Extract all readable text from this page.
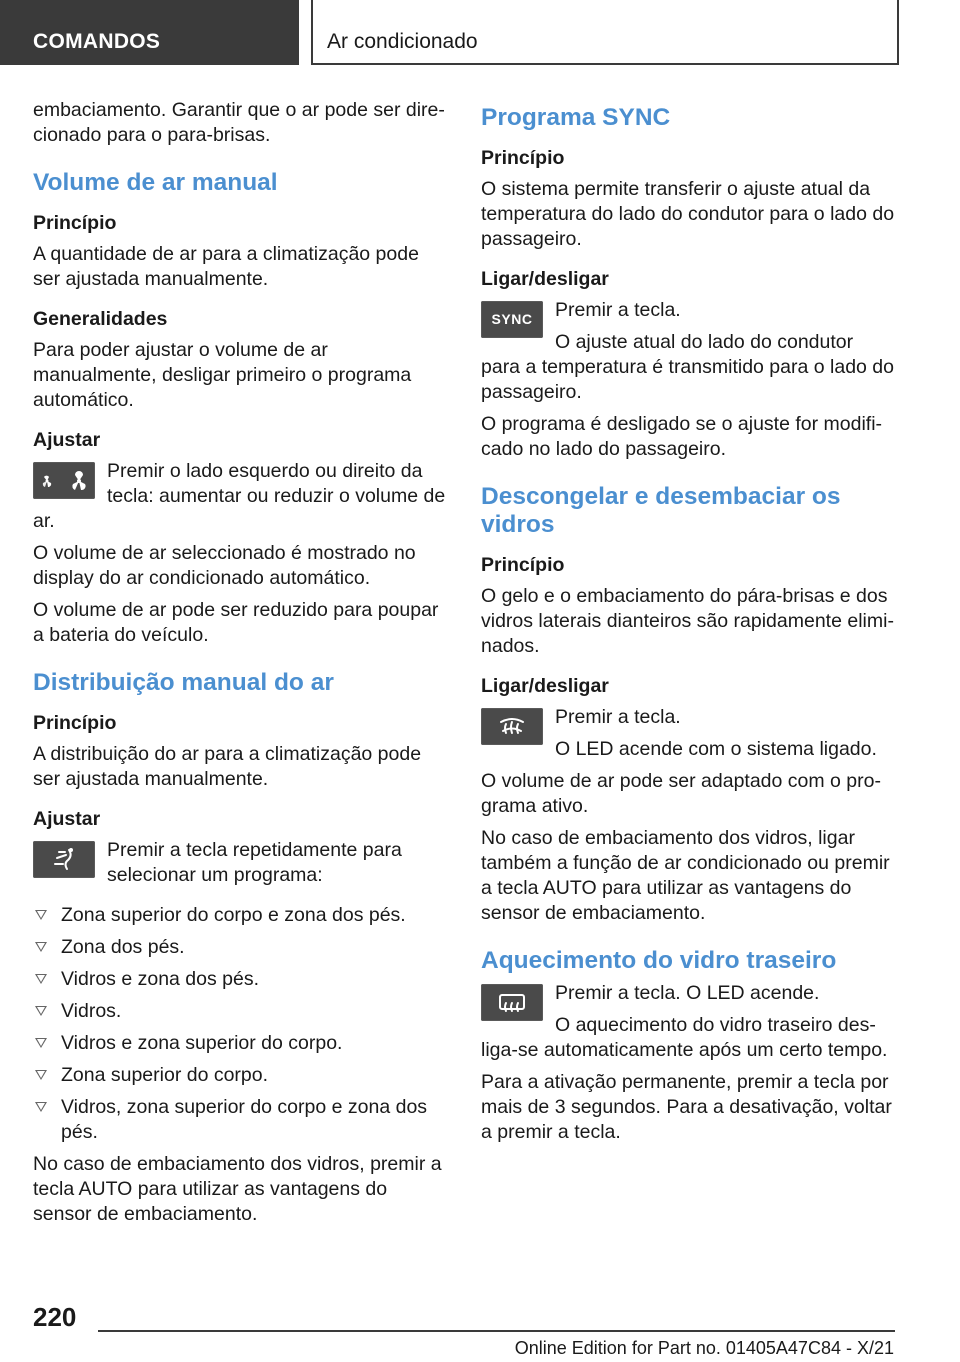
COMANDOS	Ar condicionado

embaciamento. Garantir que o ar pode ser direcionado para o para-brisas.

Volume de ar manual
Princípio

A quantidade de ar para a climatização pode ser ajustada manualmente.

Generalidades

Para poder ajustar o volume de ar manualmente, desligar primeiro o programa automático.

Ajustar

Premir o lado esquerdo ou direito da tecla: aumentar ou reduzir o volume de ar.

O volume de ar seleccionado é mostrado no display do ar condicionado automático.

O volume de ar pode ser reduzido para poupar a bateria do veículo.

Distribuição manual do ar
Princípio

A distribuição do ar para a climatização pode ser ajustada manualmente.

Ajustar

Premir a tecla repetidamente para selecionar um programa:

Zona superior do corpo e zona dos pés.
Zona dos pés.
Vidros e zona dos pés.
Vidros.
Vidros e zona superior do corpo.
Zona superior do corpo.
Vidros, zona superior do corpo e zona dos pés.

No caso de embaciamento dos vidros, premir a tecla AUTO para utilizar as vantagens do sensor de embaciamento.

Programa SYNC
Princípio

O sistema permite transferir o ajuste atual da temperatura do lado do condutor para o lado do passageiro.

Ligar/desligar
SYNC	Premir a tecla.

O ajuste atual do lado do condutor para a temperatura é transmitido para o lado do passageiro.

O programa é desligado se o ajuste for modificado no lado do passageiro.

Descongelar e desembaciar os vidros
Princípio

O gelo e o embaciamento do pára-brisas e dos vidros laterais dianteiros são rapidamente eliminados.

Ligar/desligar

Premir a tecla.

O LED acende com o sistema ligado.

O volume de ar pode ser adaptado com o programa ativo.

No caso de embaciamento dos vidros, ligar também a função de ar condicionado ou premir a tecla AUTO para utilizar as vantagens do sensor de embaciamento.

Aquecimento do vidro traseiro

Premir a tecla. O LED acende.

O aquecimento do vidro traseiro desliga-se automaticamente após um certo tempo.

Para a ativação permanente, premir a tecla por mais de 3 segundos. Para a desativação, voltar a premir a tecla.

220
Online Edition for Part no. 01405A47C84 - X/21
